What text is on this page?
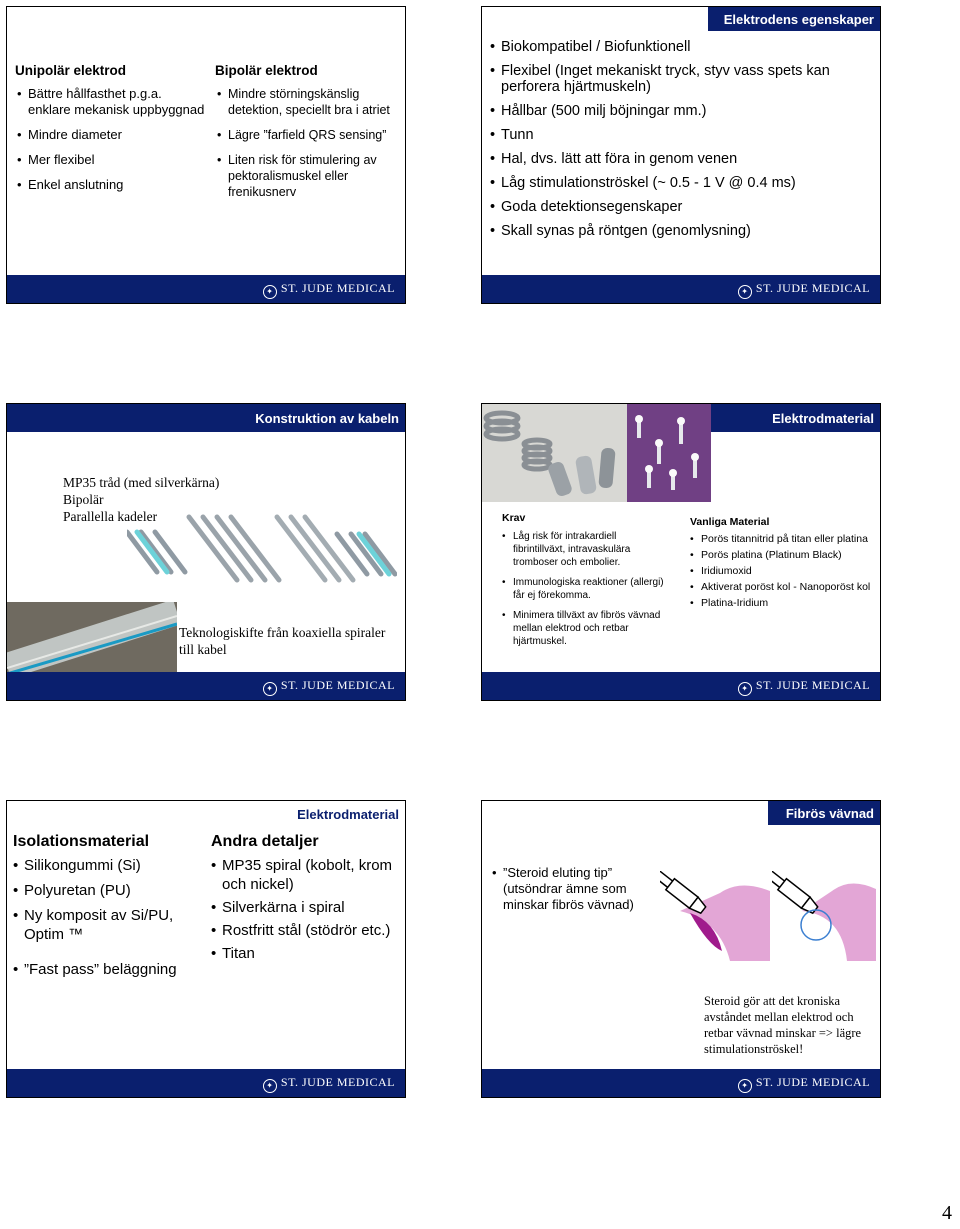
Unipolär elektrod
• Bättre hållfasthet p.g.a. enklare mekanisk uppbyggnad
• Mindre diameter
• Mer flexibel
• Enkel anslutning
Bipolär elektrod
• Mindre störningskänslig detektion, speciellt bra i atriet
• Lägre ”farfield QRS sensing”
• Liten risk för stimulering av pektoralismuskel eller frenikusnerv
✦ ST. JUDE MEDICAL
Elektrodens egenskaper
• Biokompatibel / Biofunktionell
• Flexibel (Inget mekaniskt tryck, styv vass spets kan perforera hjärtmuskeln)
• Hållbar (500 milj böjningar mm.)
• Tunn
• Hal, dvs. lätt att föra in genom venen
• Låg stimulationströskel (~ 0.5 - 1 V @ 0.4 ms)
• Goda detektionsegenskaper
• Skall synas på röntgen (genomlysning)
✦ ST. JUDE MEDICAL
Konstruktion av kabeln
MP35 tråd (med silverkärna)
Bipolär
Parallella kadeler
Teknologiskifte från koaxiella spiraler till kabel
✦ ST. JUDE MEDICAL
Elektrodmaterial
Krav
• Låg risk för intrakardiell fibrintillväxt, intravaskulära tromboser och embolier.
• Immunologiska reaktioner (allergi) får ej förekomma.
• Minimera tillväxt av fibrös vävnad mellan elektrod och retbar hjärtmuskel.
Vanliga Material
• Porös titannitrid på titan eller platina
• Porös platina (Platinum Black)
• Iridiumoxid
• Aktiverat poröst kol - Nanoporöst kol
• Platina-Iridium
✦ ST. JUDE MEDICAL
Elektrodmaterial
Isolationsmaterial
• Silikongummi (Si)
• Polyuretan (PU)
• Ny komposit av Si/PU, Optim ™
• ”Fast pass” beläggning
Andra detaljer
• MP35 spiral (kobolt, krom och nickel)
• Silverkärna i spiral
• Rostfritt stål (stödrör etc.)
• Titan
✦ ST. JUDE MEDICAL
Fibrös vävnad
• ”Steroid eluting tip” (utsöndrar ämne som minskar fibrös vävnad)
Steroid gör att det kroniska avståndet mellan elektrod och retbar vävnad minskar => lägre stimulationströskel!
✦ ST. JUDE MEDICAL
4
